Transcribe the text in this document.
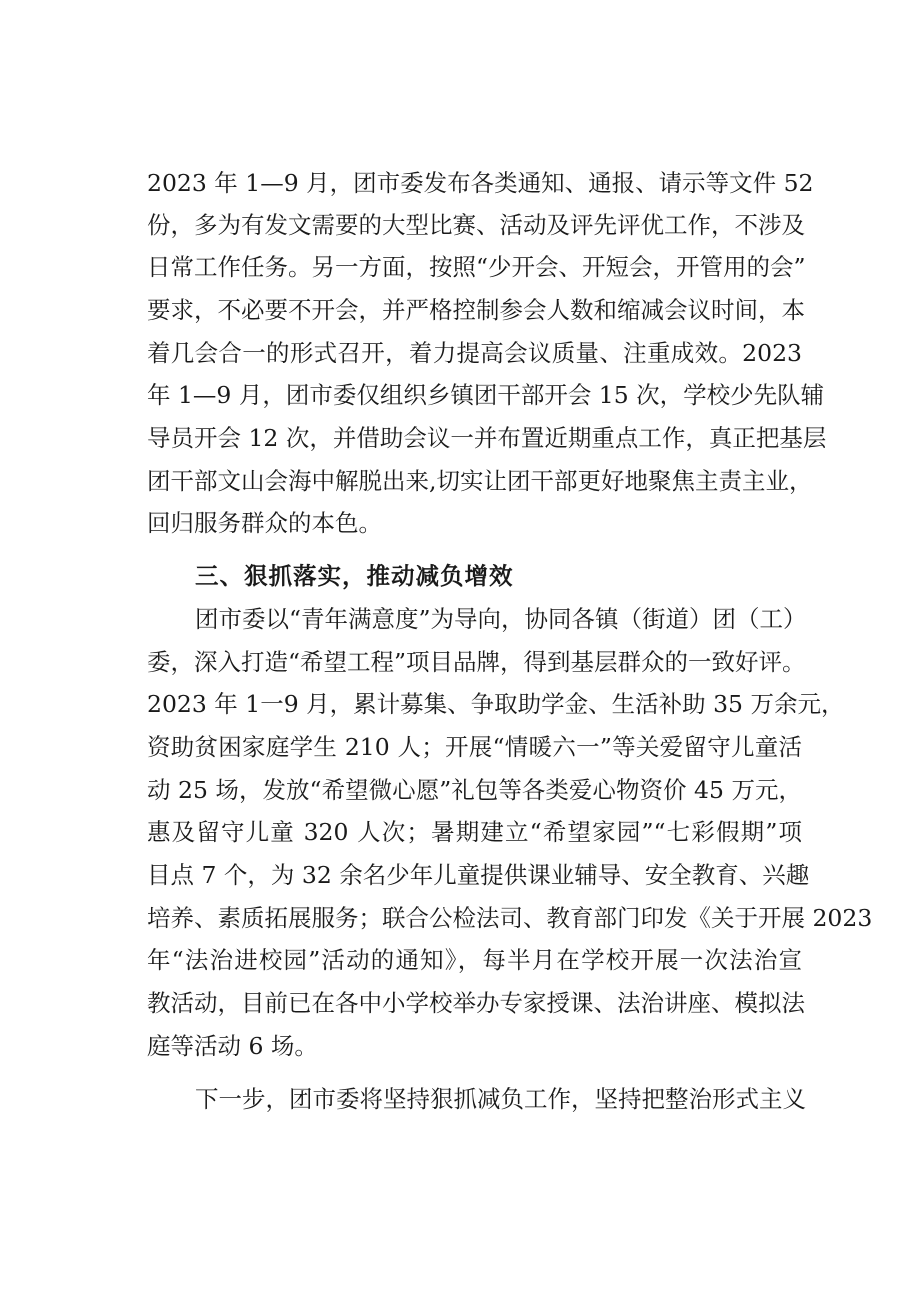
2023 年 1—9 月，团市委发布各类通知、通报、请示等文件 52
份，多为有发文需要的大型比赛、活动及评先评优工作，不涉及
日常工作任务。另一方面，按照“少开会、开短会，开管用的会”
要求，不必要不开会，并严格控制参会人数和缩减会议时间，本
着几会合一的形式召开，着力提高会议质量、注重成效。2023
年 1—9 月，团市委仅组织乡镇团干部开会 15 次，学校少先队辅
导员开会 12 次，并借助会议一并布置近期重点工作，真正把基层
团干部文山会海中解脱出来,切实让团干部更好地聚焦主责主业，
回归服务群众的本色。
三、狠抓落实，推动减负增效
团市委以“青年满意度”为导向，协同各镇（街道）团（工）
委，深入打造“希望工程”项目品牌，得到基层群众的一致好评。
2023 年 1一9 月，累计募集、争取助学金、生活补助 35 万余元，
资助贫困家庭学生 210 人；开展“情暖六一”等关爱留守儿童活
动 25 场，发放“希望微心愿”礼包等各类爱心物资价 45 万元，
惠及留守儿童 320 人次；暑期建立“希望家园”“七彩假期”项
目点 7 个，为 32 余名少年儿童提供课业辅导、安全教育、兴趣
培养、素质拓展服务；联合公检法司、教育部门印发《关于开展 2023
年“法治进校园”活动的通知》，每半月在学校开展一次法治宣
教活动，目前已在各中小学校举办专家授课、法治讲座、模拟法
庭等活动 6 场。
下一步，团市委将坚持狠抓减负工作，坚持把整治形式主义
